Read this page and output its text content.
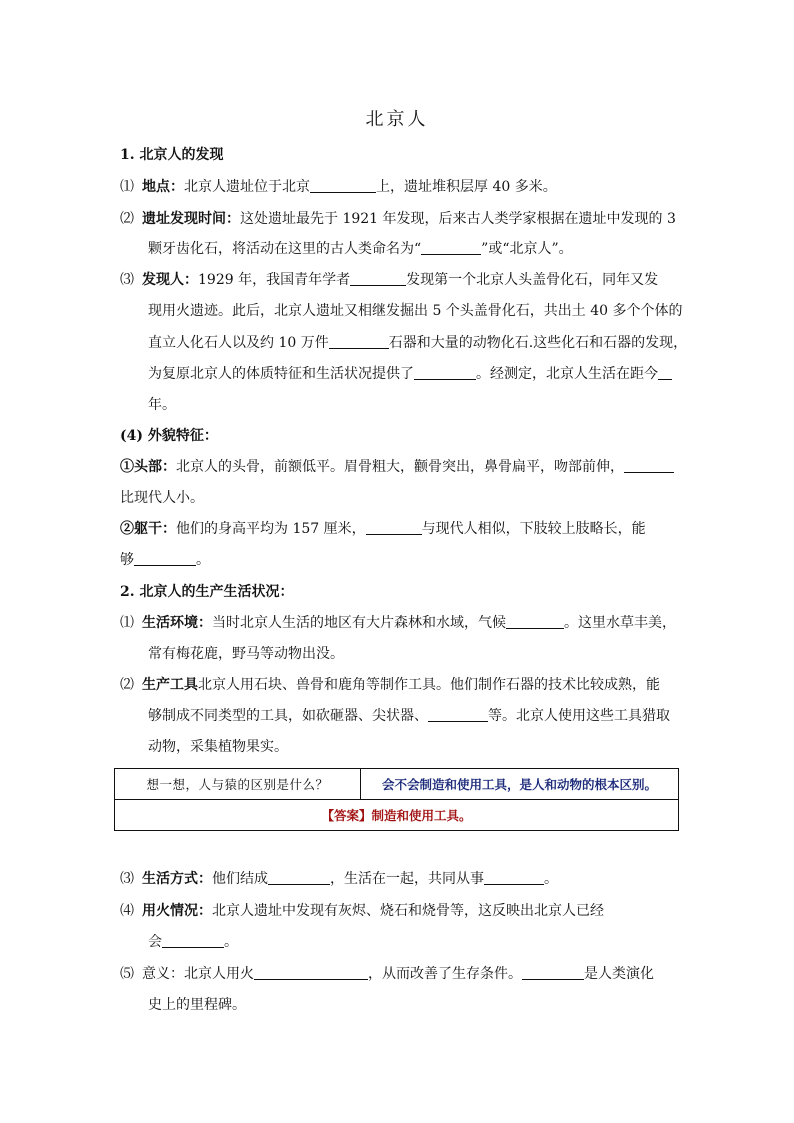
北京人
1. 北京人的发现
⑴ 地点：北京人遗址位于北京	上，遗址堆积层厚 40 多米。
⑵ 遗址发现时间：这处遗址最先于 1921 年发现，后来古人类学家根据在遗址中发现的 3
颗牙齿化石，将活动在这里的古人类命名为“	”或“北京人”。
⑶ 发现人：1929 年，我国青年学者	发现第一个北京人头盖骨化石，同年又发
现用火遗迹。此后，北京人遗址又相继发掘出 5 个头盖骨化石，共出土 40 多个个体的
直立人化石人以及约 10 万件	石器和大量的动物化石.这些化石和石器的发现，
为复原北京人的体质特征和生活状况提供了	。经测定，北京人生活在距今
年。
(4) 外貌特征：
①头部：北京人的头骨，前额低平。眉骨粗大，颧骨突出，鼻骨扁平，吻部前伸，
比现代人小。
②躯干：他们的身高平均为 157 厘米，	与现代人相似，下肢较上肢略长，能
够	。
2. 北京人的生产生活状况：
⑴ 生活环境：当时北京人生活的地区有大片森林和水域，气候	。这里水草丰美，
常有梅花鹿，野马等动物出没。
⑵ 生产工具北京人用石块、兽骨和鹿角等制作工具。他们制作石器的技术比较成熟，能
够制成不同类型的工具，如砍砸器、尖状器、	等。北京人使用这些工具猎取
动物，采集植物果实。
想一想，人与猿的区别是什么？	会不会制造和使用工具，是人和动物的根本区别。
【答案】制造和使用工具。
⑶ 生活方式：他们结成	，生活在一起，共同从事	。
⑷ 用火情况：北京人遗址中发现有灰烬、烧石和烧骨等，这反映出北京人已经
会	。
⑸ 意义：北京人用火	，从而改善了生存条件。	是人类演化
史上的里程碑。
